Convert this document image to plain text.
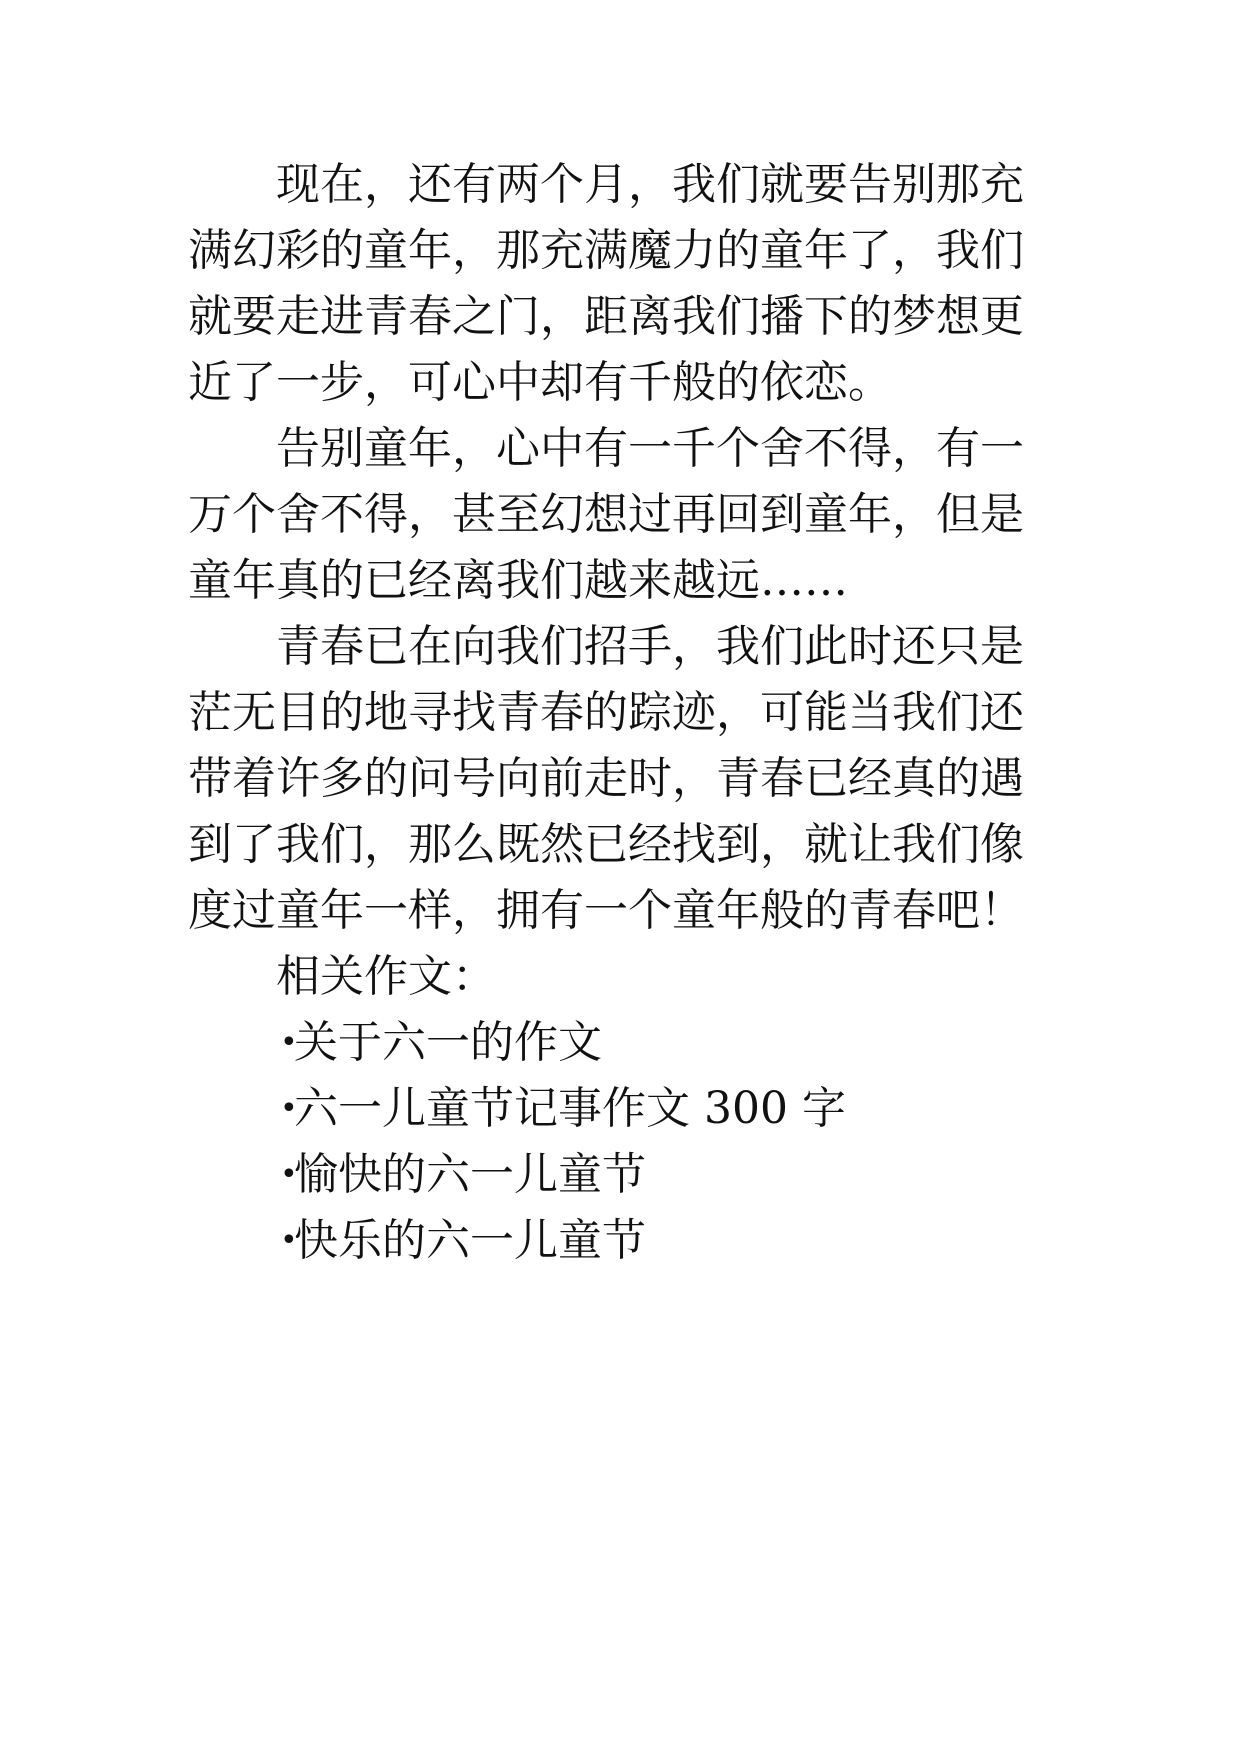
现在，还有两个月，我们就要告别那充
满幻彩的童年，那充满魔力的童年了，我们
就要走进青春之门，距离我们播下的梦想更
近了一步，可心中却有千般的依恋。
告别童年，心中有一千个舍不得，有一
万个舍不得，甚至幻想过再回到童年，但是
童年真的已经离我们越来越远……
青春已在向我们招手，我们此时还只是
茫无目的地寻找青春的踪迹，可能当我们还
带着许多的问号向前走时，青春已经真的遇
到了我们，那么既然已经找到，就让我们像
度过童年一样，拥有一个童年般的青春吧！
相关作文：
•
关于六一的作文
•
六一儿童节记事作文 300 字
•
愉快的六一儿童节
•
快乐的六一儿童节
